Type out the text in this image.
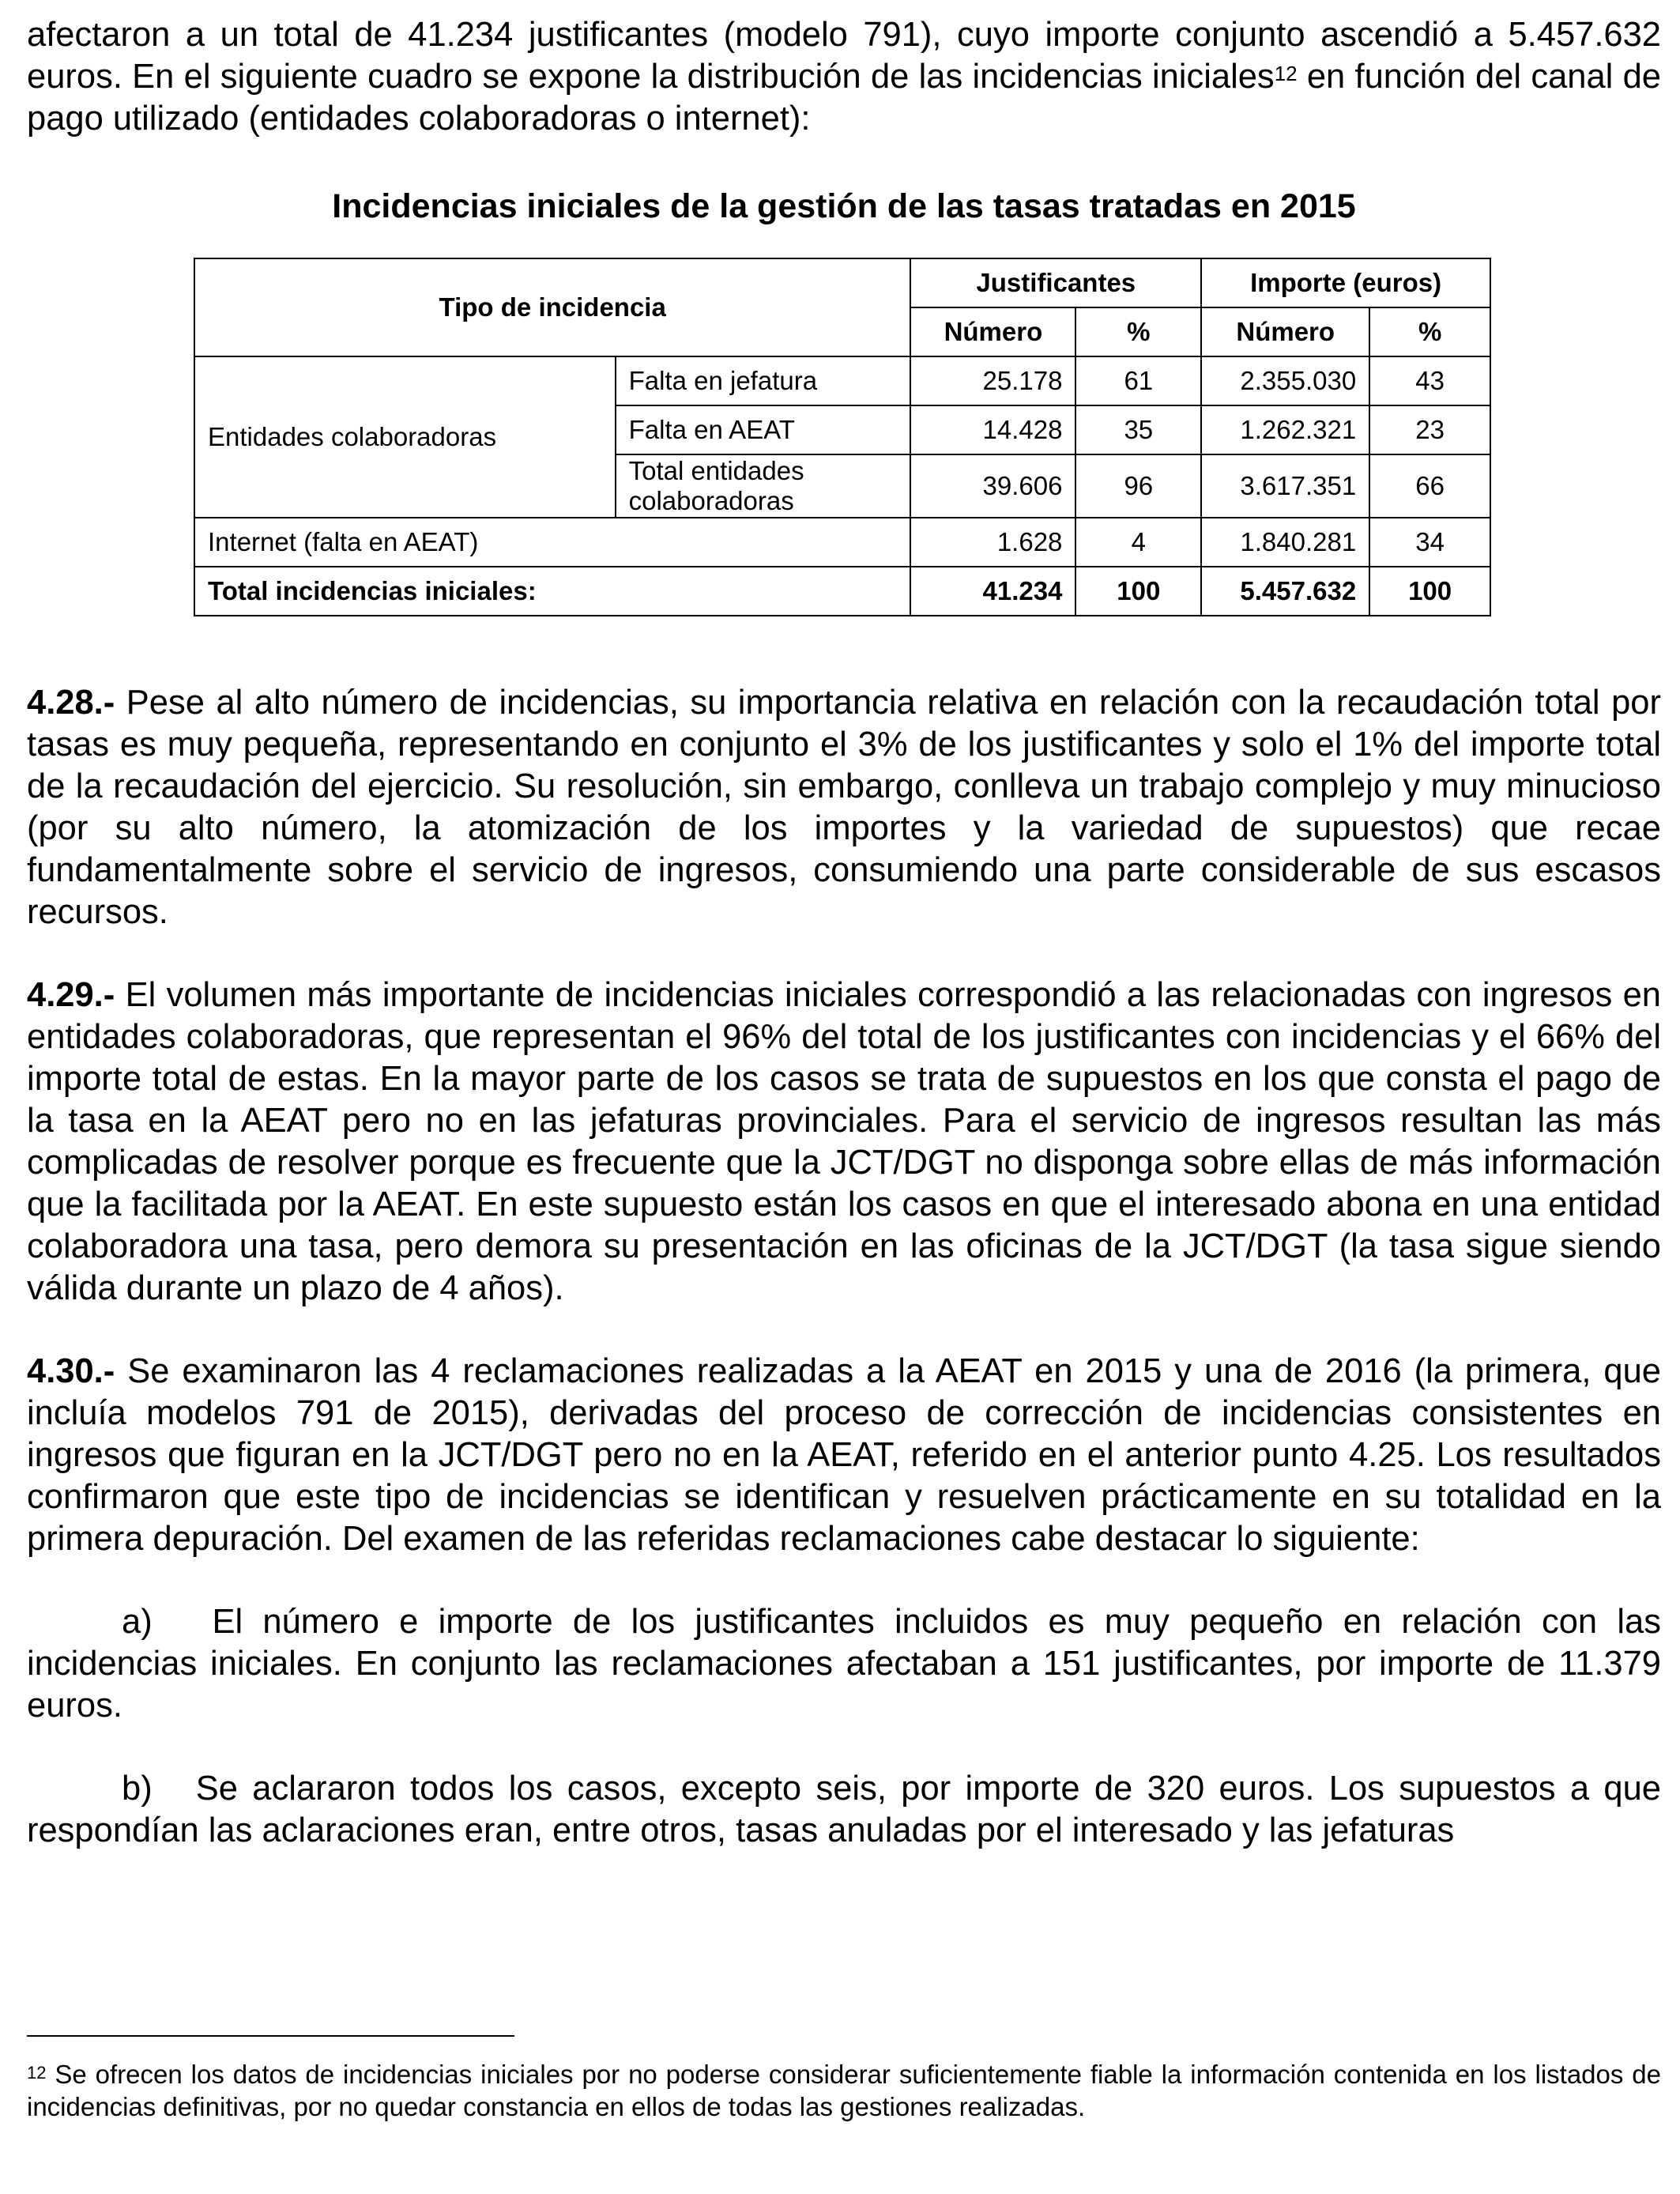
afectaron a un total de 41.234 justificantes (modelo 791), cuyo importe conjunto ascendió a 5.457.632 euros. En el siguiente cuadro se expone la distribución de las incidencias iniciales$^{12}$ en función del canal de pago utilizado (entidades colaboradoras o internet):

Incidencias iniciales de la gestión de las tasas tratadas en 2015

Tipo de incidencia		Justificantes		Importe (euros)	
		Número	%	Número	%
Entidades colaboradoras	Falta en jefatura	25.178	61	2.355.030	43
	Falta en AEAT	14.428	35	1.262.321	23
	Total entidades colaboradoras	39.606	96	3.617.351	66
Internet (falta en AEAT)		1.628	4	1.840.281	34
Total incidencias iniciales:		41.234	100	5.457.632	100

4.28.- Pese al alto número de incidencias, su importancia relativa en relación con la recaudación total por tasas es muy pequeña, representando en conjunto el 3% de los justificantes y solo el 1% del importe total de la recaudación del ejercicio. Su resolución, sin embargo, conlleva un trabajo complejo y muy minucioso (por su alto número, la atomización de los importes y la variedad de supuestos) que recae fundamentalmente sobre el servicio de ingresos, consumiendo una parte considerable de sus escasos recursos.

4.29.- El volumen más importante de incidencias iniciales correspondió a las relacionadas con ingresos en entidades colaboradoras, que representan el 96% del total de los justificantes con incidencias y el 66% del importe total de estas. En la mayor parte de los casos se trata de supuestos en los que consta el pago de la tasa en la AEAT pero no en las jefaturas provinciales. Para el servicio de ingresos resultan las más complicadas de resolver porque es frecuente que la JCT/DGT no disponga sobre ellas de más información que la facilitada por la AEAT. En este supuesto están los casos en que el interesado abona en una entidad colaboradora una tasa, pero demora su presentación en las oficinas de la JCT/DGT (la tasa sigue siendo válida durante un plazo de 4 años).

4.30.- Se examinaron las 4 reclamaciones realizadas a la AEAT en 2015 y una de 2016 (la primera, que incluía modelos 791 de 2015), derivadas del proceso de corrección de incidencias consistentes en ingresos que figuran en la JCT/DGT pero no en la AEAT, referido en el anterior punto 4.25. Los resultados confirmaron que este tipo de incidencias se identifican y resuelven prácticamente en su totalidad en la primera depuración. Del examen de las referidas reclamaciones cabe destacar lo siguiente:

a) El número e importe de los justificantes incluidos es muy pequeño en relación con las incidencias iniciales. En conjunto las reclamaciones afectaban a 151 justificantes, por importe de 11.379 euros.

b) Se aclararon todos los casos, excepto seis, por importe de 320 euros. Los supuestos a que respondían las aclaraciones eran, entre otros, tasas anuladas por el interesado y las jefaturas

$^{12}$ Se ofrecen los datos de incidencias iniciales por no poderse considerar suficientemente fiable la información contenida en los listados de incidencias definitivas, por no quedar constancia en ellos de todas las gestiones realizadas.
